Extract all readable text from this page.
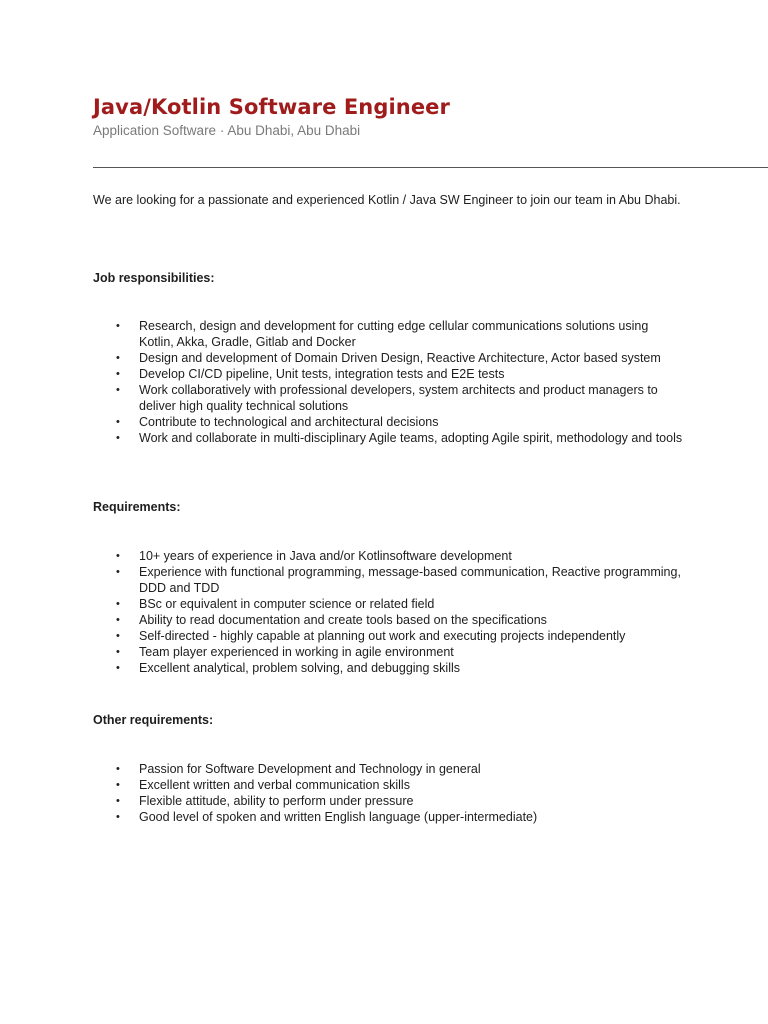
Java/Kotlin Software Engineer

Application Software · Abu Dhabi, Abu Dhabi

We are looking for a passionate and experienced Kotlin / Java SW Engineer to join our team in Abu Dhabi.

Job responsibilities:
• Research, design and development for cutting edge cellular communications solutions using Kotlin, Akka, Gradle, Gitlab and Docker
• Design and development of Domain Driven Design, Reactive Architecture, Actor based system
• Develop CI/CD pipeline, Unit tests, integration tests and E2E tests
• Work collaboratively with professional developers, system architects and product managers to deliver high quality technical solutions
• Contribute to technological and architectural decisions
• Work and collaborate in multi-disciplinary Agile teams, adopting Agile spirit, methodology and tools
Requirements:
• 10+ years of experience in Java and/or Kotlinsoftware development
• Experience with functional programming, message-based communication, Reactive programming, DDD and TDD
• BSc or equivalent in computer science or related field
• Ability to read documentation and create tools based on the specifications
• Self-directed - highly capable at planning out work and executing projects independently
• Team player experienced in working in agile environment
• Excellent analytical, problem solving, and debugging skills
Other requirements:
• Passion for Software Development and Technology in general
• Excellent written and verbal communication skills
• Flexible attitude, ability to perform under pressure
• Good level of spoken and written English language (upper-intermediate)
